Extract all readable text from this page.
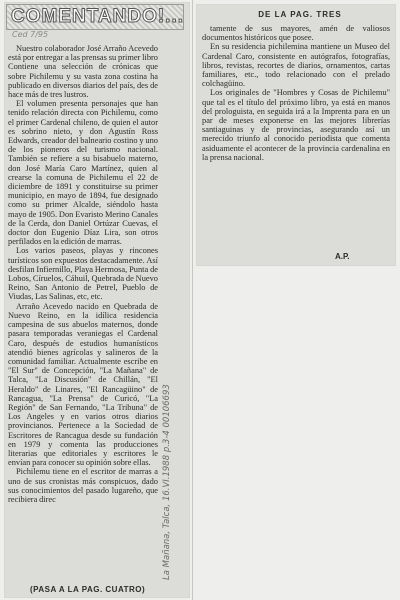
COMENTANDO!...
Ced 7/95

Nuestro colaborador José Arraño Acevedo está por entregar a las prensas su primer libro Contiene una selección de crónicas que sobre Pichilemu y su vasta zona costina ha publicado en diversos diarios del país, des de hace más de tres lustros.

El volumen presenta personajes que han tenido relación directa con Pichilemu, como el primer Cardenal chileno, de quien el autor es sobrino nieto, y don Agustín Ross Edwards, creador del balneario costino y uno de los pioneros del turismo nacional. También se refiere a su bisabuelo materno, don José María Caro Martínez, quien al crearse la comuna de Pichilemu el 22 de diciembre de 1891 y constituirse su primer municipio, en mayo de 1894, fue designado como su primer Alcalde, siéndolo hasta mayo de 1905. Don Evaristo Merino Canales de la Cerda, don Daniel Ortúzar Cuevas, el doctor don Eugenio Díaz Lira, son otros perfilados en la edición de marras.

Los varios paseos, playas y rincones turísticos son expuestos destacadamente. Así desfilan Infiernillo, Playa Hermosa, Punta de Lobos, Círuelos, Cáhuil, Quebrada de Nuevo Reino, San Antonio de Petrel, Pueblo de Viudas, Las Salinas, etc, etc.

Arraño Acevedo nacido en Quebrada de Nuevo Reino, en la idílica residencia campesina de sus abuelos maternos, donde pasara temporadas veraniegas el Cardenal Caro, después de estudios humanísticos atendió bienes agrícolas y salineros de la comunidad familiar. Actualmente escribe en "El Sur" de Concepción, "La Mañana" de Talca, "La Discusión" de Chillán, "El Heraldo" de Linares, "El Rancagüino" de Rancagua, "La Prensa" de Curicó, "La Región" de San Fernando, "La Tribuna" de Los Angeles y en varios otros diarios provincianos. Pertenece a la Sociedad de Escritores de Rancagua desde su fundación en 1979 y comenta las producciones literarias que editoriales y escritores le envían para conocer su opinión sobre ellas.

Pichilemu tiene en el escritor de marras a uno de sus cronistas más conspicuos, dado sus conocimientos del pasado lugareño, que recibiera direc	La Mañana, Talca, 16.VI.1988 p.3-4 00106693
(PASA A LA PAG. CUATRO)
DE LA PAG. TRES

tamente de sus mayores, amén de valiosos documentos históricos que posee.

En su residencia pichilemina mantiene un Museo del Cardenal Caro, consistente en autógrafos, fotografías, libros, revistas, recortes de diarios, ornamentos, cartas familiares, etc., todo relacionado con el prelado colchagüino.

Los originales de "Hombres y Cosas de Pichilemu" que tal es el título del próximo libro, ya está en manos del prologuista, en seguida irá a la Imprenta para en un par de meses exponerse en las mejores librerías santiaguinas y de provincias, asegurando así un merecido triunfo al conocido periodista que comenta asiduamente el acontecer de la provincia cardenalina en la prensa nacional.

A.P.
